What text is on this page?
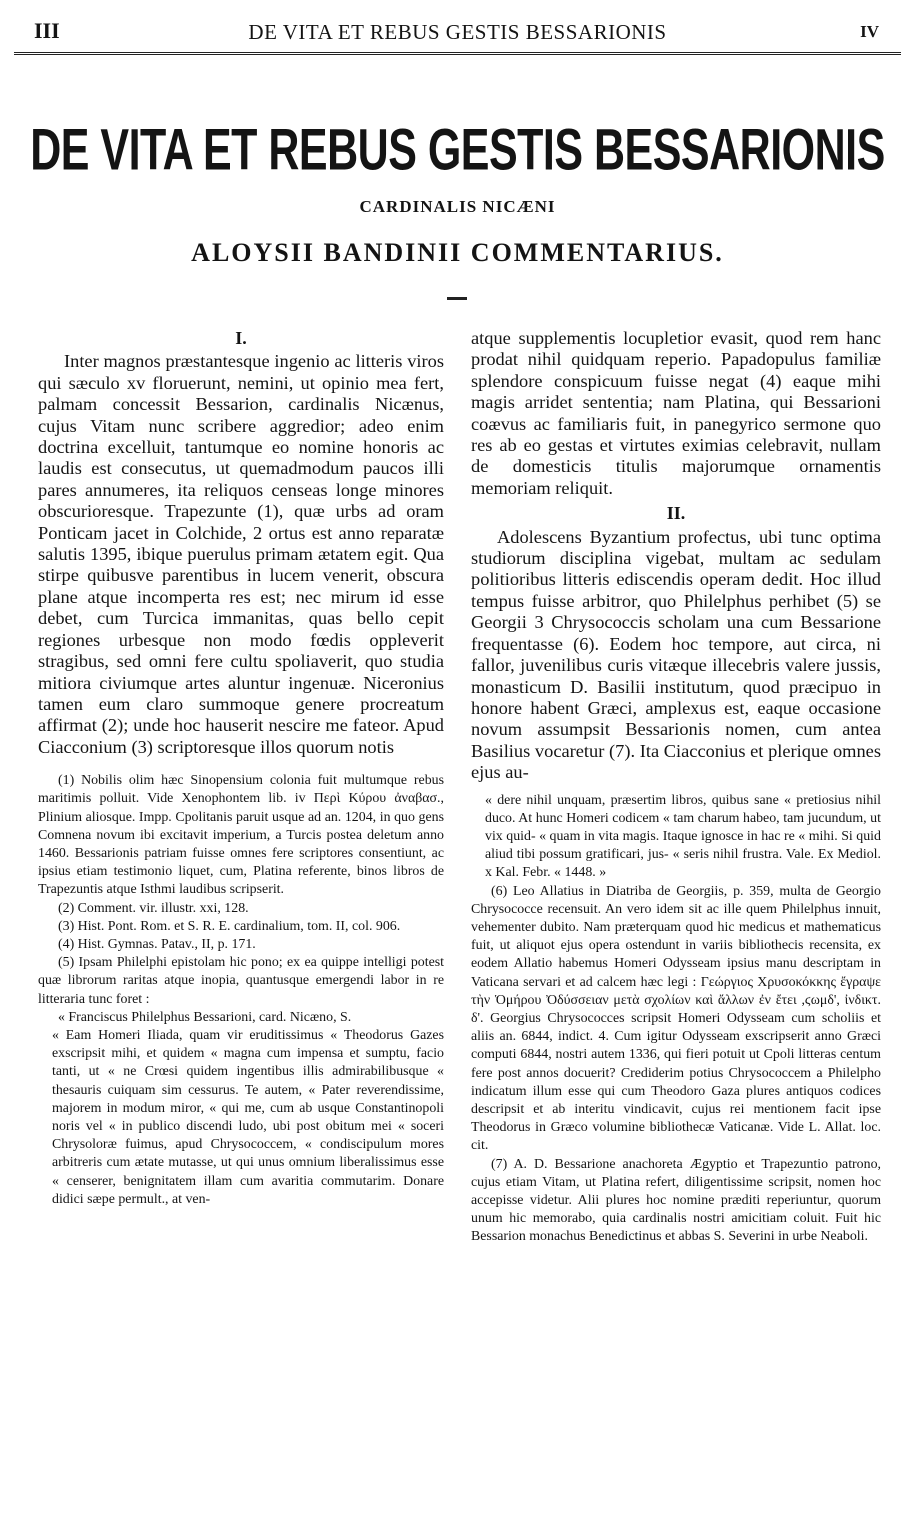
III	DE VITA ET REBUS GESTIS BESSARIONIS	IV
DE VITA ET REBUS GESTIS BESSARIONIS
CARDINALIS NICÆNI
ALOYSII BANDINII COMMENTARIUS.
I.

Inter magnos præstantesque ingenio ac litteris viros qui sæculo xv floruerunt, nemini, ut opinio mea fert, palmam concessit Bessarion, cardinalis Nicænus, cujus Vitam nunc scribere aggredior; adeo enim doctrina excelluit, tantumque eo nomine honoris ac laudis est consecutus, ut quemadmodum paucos illi pares annumeres, ita reliquos censeas longe minores obscurioresque. Trapezunte (1), quæ urbs ad oram Ponticam jacet in Colchide, 2 ortus est anno reparatæ salutis 1395, ibique puerulus primam ætatem egit. Qua stirpe quibusve parentibus in lucem venerit, obscura plane atque incomperta res est; nec mirum id esse debet, cum Turcica immanitas, quas bello cepit regiones urbesque non modo fœdis oppleverit stragibus, sed omni fere cultu spoliaverit, quo studia mitiora civiumque artes aluntur ingenuæ. Niceronius tamen eum claro summoque genere procreatum affirmat (2); unde hoc hauserit nescire me fateor. Apud Ciacconium (3) scriptoresque illos quorum notis

(1) Nobilis olim hæc Sinopensium colonia fuit multumque rebus maritimis polluit. Vide Xenophontem lib. iv Περὶ Κύρου ἀναβασ., Plinium aliosque. Impp. Cpolitanis paruit usque ad an. 1204, in quo gens Comnena novum ibi excitavit imperium, a Turcis postea deletum anno 1460. Bessarionis patriam fuisse omnes fere scriptores consentiunt, ac ipsius etiam testimonio liquet, cum, Platina referente, binos libros de Trapezuntis atque Isthmi laudibus scripserit.

(2) Comment. vir. illustr. xxi, 128.

(3) Hist. Pont. Rom. et S. R. E. cardinalium, tom. II, col. 906.

(4) Hist. Gymnas. Patav., II, p. 171.

(5) Ipsam Philelphi epistolam hic pono; ex ea quippe intelligi potest quæ librorum raritas atque inopia, quantusque emergendi labor in re litteraria tunc foret :

« Franciscus Philelphus Bessarioni, card. Nicæno, S.

« Eam Homeri Iliada, quam vir eruditissimus « Theodorus Gazes exscripsit mihi, et quidem « magna cum impensa et sumptu, facio tanti, ut « ne Crœsi quidem ingentibus illis admirabilibusque « thesauris cuiquam sim cessurus. Te autem, « Pater reverendissime, majorem in modum miror, « qui me, cum ab usque Constantinopoli noris vel « in publico discendi ludo, ubi post obitum mei « soceri Chrysoloræ fuimus, apud Chrysococcem, « condiscipulum mores arbitreris cum ætate mutasse, ut qui unus omnium liberalissimus esse « censerer, benignitatem illam cum avaritia commutarim. Donare didici sæpe permult., at ven-

atque supplementis locupletior evasit, quod rem hanc prodat nihil quidquam reperio. Papadopulus familiæ splendore conspicuum fuisse negat (4) eaque mihi magis arridet sententia; nam Platina, qui Bessarioni coævus ac familiaris fuit, in panegyrico sermone quo res ab eo gestas et virtutes eximias celebravit, nullam de domesticis titulis majorumque ornamentis memoriam reliquit.

II.

Adolescens Byzantium profectus, ubi tunc optima studiorum disciplina vigebat, multam ac sedulam politioribus litteris ediscendis operam dedit. Hoc illud tempus fuisse arbitror, quo Philelphus perhibet (5) se Georgii 3 Chrysococcis scholam una cum Bessarione frequentasse (6). Eodem hoc tempore, aut circa, ni fallor, juvenilibus curis vitæque illecebris valere jussis, monasticum D. Basilii institutum, quod præcipuo in honore habent Græci, amplexus est, eaque occasione novum assumpsit Bessarionis nomen, cum antea Basilius vocaretur (7). Ita Ciacconius et plerique omnes ejus au-

« dere nihil unquam, præsertim libros, quibus sane « pretiosius nihil duco. At hunc Homeri codicem « tam charum habeo, tam jucundum, ut vix quid- « quam in vita magis. Itaque ignosce in hac re « mihi. Si quid aliud tibi possum gratificari, jus- « seris nihil frustra. Vale. Ex Mediol. x Kal. Febr. « 1448. »

(6) Leo Allatius in Diatriba de Georgiis, p. 359, multa de Georgio Chrysococce recensuit. An vero idem sit ac ille quem Philelphus innuit, vehementer dubito. Nam præterquam quod hic medicus et mathematicus fuit, ut aliquot ejus opera ostendunt in variis bibliothecis recensita, ex eodem Allatio habemus Homeri Odysseam ipsius manu descriptam in Vaticana servari et ad calcem hæc legi : Γεώργιος Χρυσοκόκκης ἔγραψε τὴν Ὁμήρου Ὀδύσσειαν μετὰ σχολίων καὶ ἄλλων ἐν ἔτει ,ϛωμδ', ἰνδικτ. δ'. Georgius Chrysococces scripsit Homeri Odysseam cum scholiis et aliis an. 6844, indict. 4. Cum igitur Odysseam exscripserit anno Græci computi 6844, nostri autem 1336, qui fieri potuit ut Cpoli litteras centum fere post annos docuerit? Crediderim potius Chrysococcem a Philelpho indicatum illum esse qui cum Theodoro Gaza plures antiquos codices descripsit et ab interitu vindicavit, cujus rei mentionem facit ipse Theodorus in Græco volumine bibliothecæ Vaticanæ. Vide L. Allat. loc. cit.

(7) A. D. Bessarione anachoreta Ægyptio et Trapezuntio patrono, cujus etiam Vitam, ut Platina refert, diligentissime scripsit, nomen hoc accepisse videtur. Alii plures hoc nomine præditi reperiuntur, quorum unum hic memorabo, quia cardinalis nostri amicitiam coluit. Fuit hic Bessarion monachus Benedictinus et abbas S. Severini in urbe Neaboli.
